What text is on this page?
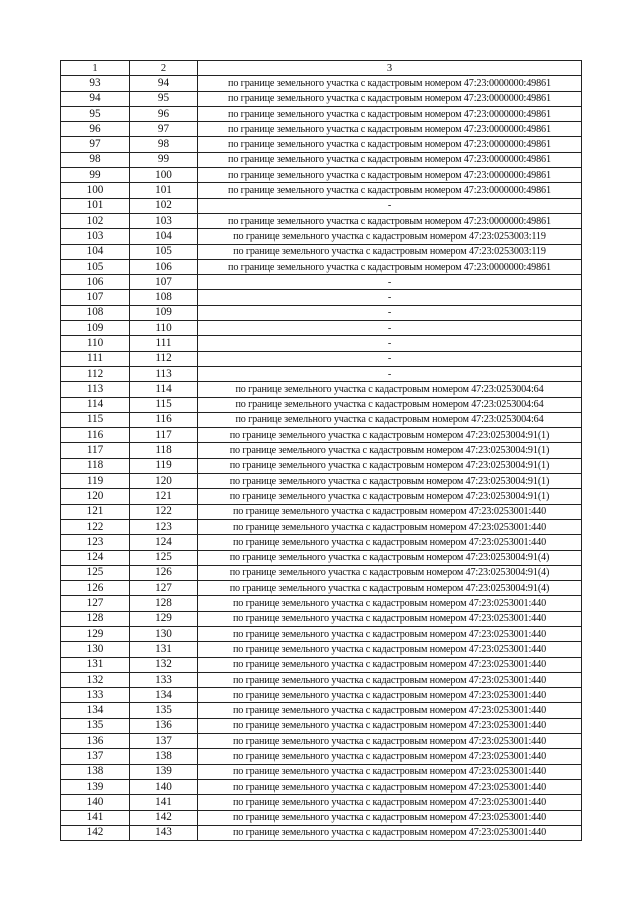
1	2	3
93	94	по границе земельного участка с кадастровым номером 47:23:0000000:49861
94	95	по границе земельного участка с кадастровым номером 47:23:0000000:49861
95	96	по границе земельного участка с кадастровым номером 47:23:0000000:49861
96	97	по границе земельного участка с кадастровым номером 47:23:0000000:49861
97	98	по границе земельного участка с кадастровым номером 47:23:0000000:49861
98	99	по границе земельного участка с кадастровым номером 47:23:0000000:49861
99	100	по границе земельного участка с кадастровым номером 47:23:0000000:49861
100	101	по границе земельного участка с кадастровым номером 47:23:0000000:49861
101	102	-
102	103	по границе земельного участка с кадастровым номером 47:23:0000000:49861
103	104	по границе земельного участка с кадастровым номером 47:23:0253003:119
104	105	по границе земельного участка с кадастровым номером 47:23:0253003:119
105	106	по границе земельного участка с кадастровым номером 47:23:0000000:49861
106	107	-
107	108	-
108	109	-
109	110	-
110	111	-
111	112	-
112	113	-
113	114	по границе земельного участка с кадастровым номером 47:23:0253004:64
114	115	по границе земельного участка с кадастровым номером 47:23:0253004:64
115	116	по границе земельного участка с кадастровым номером 47:23:0253004:64
116	117	по границе земельного участка с кадастровым номером 47:23:0253004:91(1)
117	118	по границе земельного участка с кадастровым номером 47:23:0253004:91(1)
118	119	по границе земельного участка с кадастровым номером 47:23:0253004:91(1)
119	120	по границе земельного участка с кадастровым номером 47:23:0253004:91(1)
120	121	по границе земельного участка с кадастровым номером 47:23:0253004:91(1)
121	122	по границе земельного участка с кадастровым номером 47:23:0253001:440
122	123	по границе земельного участка с кадастровым номером 47:23:0253001:440
123	124	по границе земельного участка с кадастровым номером 47:23:0253001:440
124	125	по границе земельного участка с кадастровым номером 47:23:0253004:91(4)
125	126	по границе земельного участка с кадастровым номером 47:23:0253004:91(4)
126	127	по границе земельного участка с кадастровым номером 47:23:0253004:91(4)
127	128	по границе земельного участка с кадастровым номером 47:23:0253001:440
128	129	по границе земельного участка с кадастровым номером 47:23:0253001:440
129	130	по границе земельного участка с кадастровым номером 47:23:0253001:440
130	131	по границе земельного участка с кадастровым номером 47:23:0253001:440
131	132	по границе земельного участка с кадастровым номером 47:23:0253001:440
132	133	по границе земельного участка с кадастровым номером 47:23:0253001:440
133	134	по границе земельного участка с кадастровым номером 47:23:0253001:440
134	135	по границе земельного участка с кадастровым номером 47:23:0253001:440
135	136	по границе земельного участка с кадастровым номером 47:23:0253001:440
136	137	по границе земельного участка с кадастровым номером 47:23:0253001:440
137	138	по границе земельного участка с кадастровым номером 47:23:0253001:440
138	139	по границе земельного участка с кадастровым номером 47:23:0253001:440
139	140	по границе земельного участка с кадастровым номером 47:23:0253001:440
140	141	по границе земельного участка с кадастровым номером 47:23:0253001:440
141	142	по границе земельного участка с кадастровым номером 47:23:0253001:440
142	143	по границе земельного участка с кадастровым номером 47:23:0253001:440
